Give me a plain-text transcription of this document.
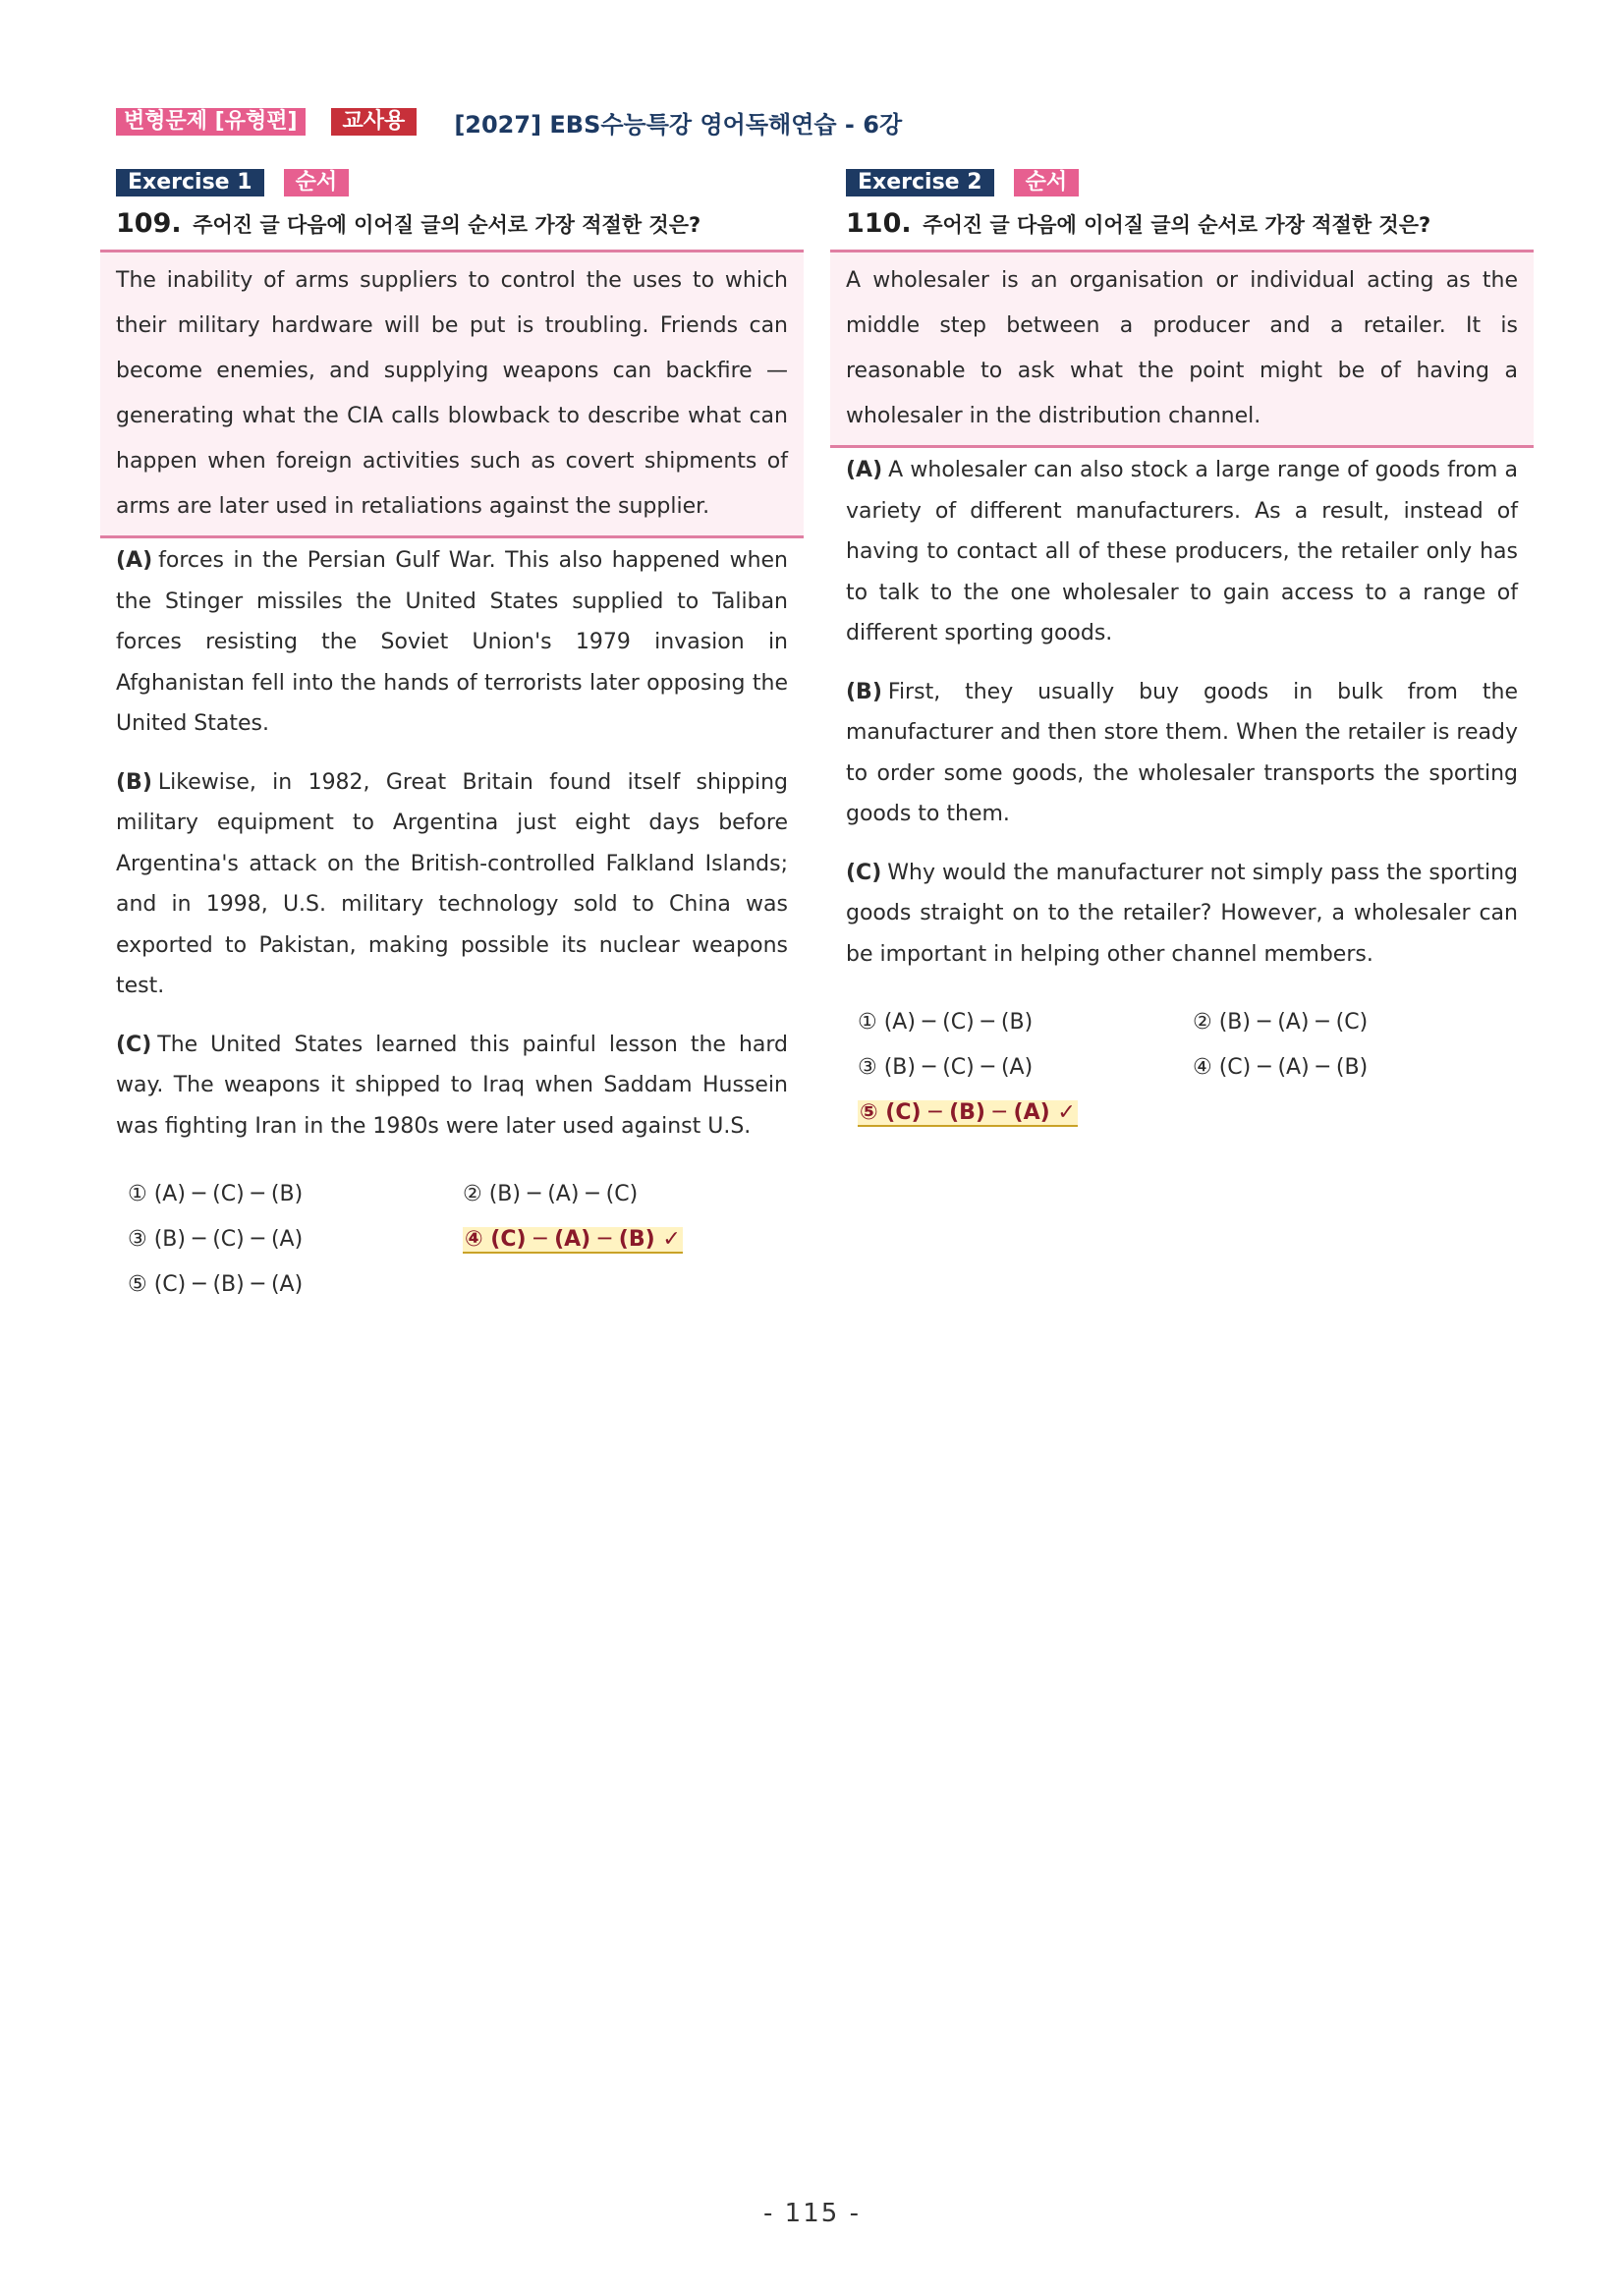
변형문제 [유형편]	교사용	[2027] EBS수능특강 영어독해연습 - 6강
Exercise 1	순서
109. 주어진 글 다음에 이어질 글의 순서로 가장 적절한 것은?

The inability of arms suppliers to control the uses to which their military hardware will be put is troubling. Friends can become enemies, and supplying weapons can backfire — generating what the CIA calls blowback to describe what can happen when foreign activities such as covert shipments of arms are later used in retaliations against the supplier.

(A) forces in the Persian Gulf War. This also happened when the Stinger missiles the United States supplied to Taliban forces resisting the Soviet Union's 1979 invasion in Afghanistan fell into the hands of terrorists later opposing the United States.

(B) Likewise, in 1982, Great Britain found itself shipping military equipment to Argentina just eight days before Argentina's attack on the British-controlled Falkland Islands; and in 1998, U.S. military technology sold to China was exported to Pakistan, making possible its nuclear weapons test.

(C) The United States learned this painful lesson the hard way. The weapons it shipped to Iraq when Saddam Hussein was fighting Iran in the 1980s were later used against U.S.

① (A) ─ (C) ─ (B)	② (B) ─ (A) ─ (C)
③ (B) ─ (C) ─ (A)	④ (C) ─ (A) ─ (B) ✓
⑤ (C) ─ (B) ─ (A)
Exercise 2	순서
110. 주어진 글 다음에 이어질 글의 순서로 가장 적절한 것은?

A wholesaler is an organisation or individual acting as the middle step between a producer and a retailer. It is reasonable to ask what the point might be of having a wholesaler in the distribution channel.

(A) A wholesaler can also stock a large range of goods from a variety of different manufacturers. As a result, instead of having to contact all of these producers, the retailer only has to talk to the one wholesaler to gain access to a range of different sporting goods.

(B) First, they usually buy goods in bulk from the manufacturer and then store them. When the retailer is ready to order some goods, the wholesaler transports the sporting goods to them.

(C) Why would the manufacturer not simply pass the sporting goods straight on to the retailer? However, a wholesaler can be important in helping other channel members.

① (A) ─ (C) ─ (B)	② (B) ─ (A) ─ (C)
③ (B) ─ (C) ─ (A)	④ (C) ─ (A) ─ (B)
⑤ (C) ─ (B) ─ (A) ✓
- 115 -
